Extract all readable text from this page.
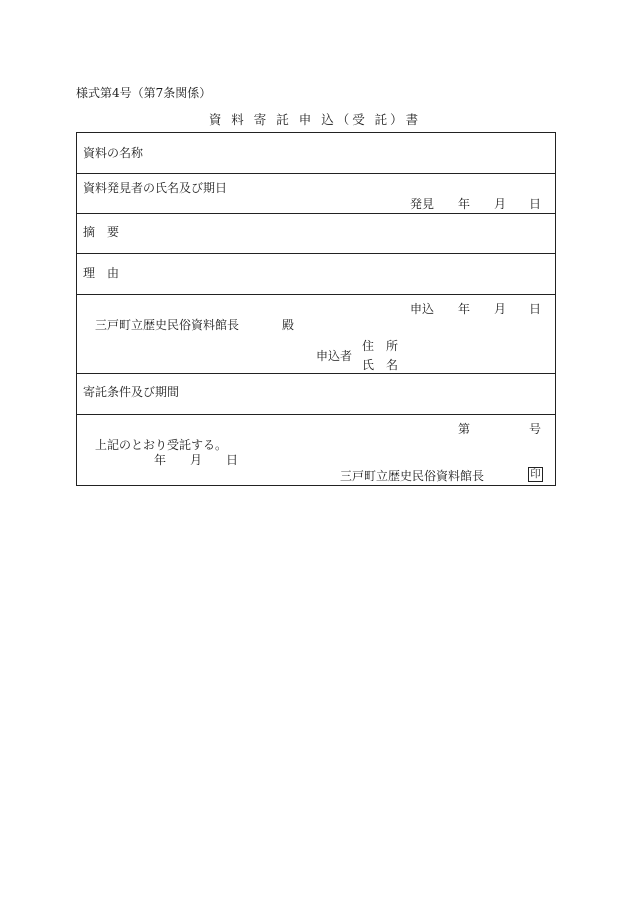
様式第4号（第7条関係）
資 料 寄 託 申 込（受 託）書
資料の名称
資料発見者の氏名及び期日
発見 年 月 日
摘　要
理　由
申込 年 月 日
三戸町立歴史民俗資料館長	殿
申込者
住　所
氏　名
寄託条件及び期間
第	号
上記のとおり受託する。
年 月 日
三戸町立歴史民俗資料館長	印
